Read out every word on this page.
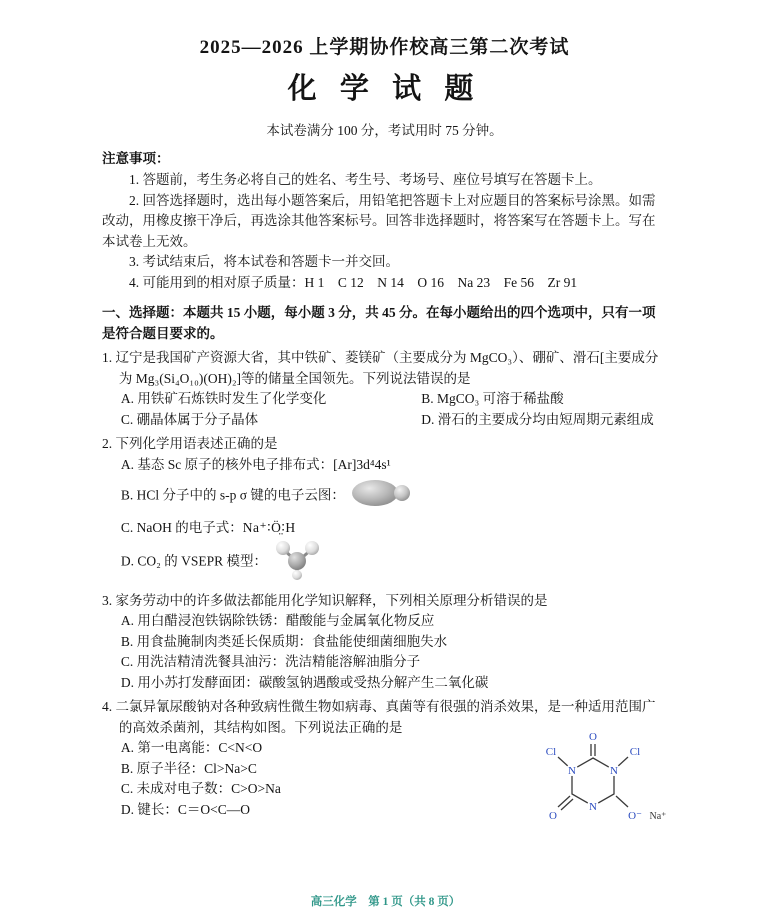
2025—2026 上学期协作校高三第二次考试
化 学 试 题
本试卷满分 100 分，考试用时 75 分钟。

注意事项：

1. 答题前，考生务必将自己的姓名、考生号、考场号、座位号填写在答题卡上。

2. 回答选择题时，选出每小题答案后，用铅笔把答题卡上对应题目的答案标号涂黑。如需改动，用橡皮擦干净后，再选涂其他答案标号。回答非选择题时，将答案写在答题卡上。写在本试卷上无效。

3. 考试结束后，将本试卷和答题卡一并交回。

4. 可能用到的相对原子质量：H 1　C 12　N 14　O 16　Na 23　Fe 56　Zr 91

一、选择题：本题共 15 小题，每小题 3 分，共 45 分。在每小题给出的四个选项中，只有一项是符合题目要求的。

1. 辽宁是我国矿产资源大省，其中铁矿、菱镁矿（主要成分为 MgCO₃）、硼矿、滑石[主要成分为 Mg₃(Si₄O₁₀)(OH)₂]等的储量全国领先。下列说法错误的是

A. 用铁矿石炼铁时发生了化学变化	B. MgCO₃ 可溶于稀盐酸

C. 硼晶体属于分子晶体	D. 滑石的主要成分均由短周期元素组成

2. 下列化学用语表述正确的是

A. 基态 Sc 原子的核外电子排布式：[Ar]3d⁴4s¹

B. HCl 分子中的 s-p σ 键的电子云图：

C. NaOH 的电子式：Na⁺∶Ö̤∶H

D. CO₂ 的 VSEPR 模型：

3. 家务劳动中的许多做法都能用化学知识解释，下列相关原理分析错误的是

A. 用白醋浸泡铁锅除铁锈：醋酸能与金属氧化物反应

B. 用食盐腌制肉类延长保质期：食盐能使细菌细胞失水

C. 用洗洁精清洗餐具油污：洗洁精能溶解油脂分子

D. 用小苏打发酵面团：碳酸氢钠遇酸或受热分解产生二氧化碳

4. 二氯异氰尿酸钠对各种致病性微生物如病毒、真菌等有很强的消杀效果，是一种适用范围广的高效杀菌剂，其结构如图。下列说法正确的是

A. 第一电离能：C<N<O

B. 原子半径：Cl>Na>C

C. 未成对电子数：C>O>Na

D. 键长：C＝O<C—O

O
Cl	Cl
N	N
N
O	O⁻ Na⁺
高三化学　第 1 页（共 8 页）
